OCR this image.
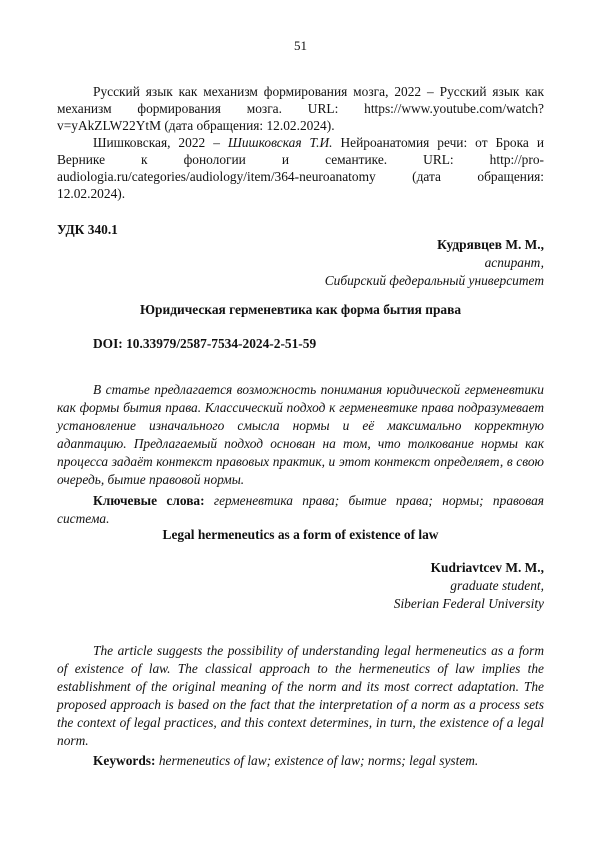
51

Русский язык как механизм формирования мозга, 2022 – Русский язык как механизм формирования мозга. URL: https://www.youtube.com/watch?v=yAkZLW22YtM (дата обращения: 12.02.2024).

Шишковская, 2022 – Шишковская Т.И. Нейроанатомия речи: от Брока и Вернике к фонологии и семантике. URL: http://pro-audiologia.ru/categories/audiology/item/364-neuroanatomy (дата обращения: 12.02.2024).

УДК 340.1
Кудрявцев М. М.,
аспирант,
Сибирский федеральный университет
Юридическая герменевтика как форма бытия права
DOI: 10.33979/2587-7534-2024-2-51-59

В статье предлагается возможность понимания юридической герменевтики как формы бытия права. Классический подход к герменевтике права подразумевает установление изначального смысла нормы и её максимально корректную адаптацию. Предлагаемый подход основан на том, что толкование нормы как процесса задаёт контекст правовых практик, и этот контекст определяет, в свою очередь, бытие правовой нормы.

Ключевые слова: герменевтика права; бытие права; нормы; правовая система.

Legal hermeneutics as a form of existence of law
Kudriavtcev M. M.,
graduate student,
Siberian Federal University

The article suggests the possibility of understanding legal hermeneutics as a form of existence of law. The classical approach to the hermeneutics of law implies the establishment of the original meaning of the norm and its most correct adaptation. The proposed approach is based on the fact that the interpretation of a norm as a process sets the context of legal practices, and this context determines, in turn, the existence of a legal norm.

Keywords: hermeneutics of law; existence of law; norms; legal system.
